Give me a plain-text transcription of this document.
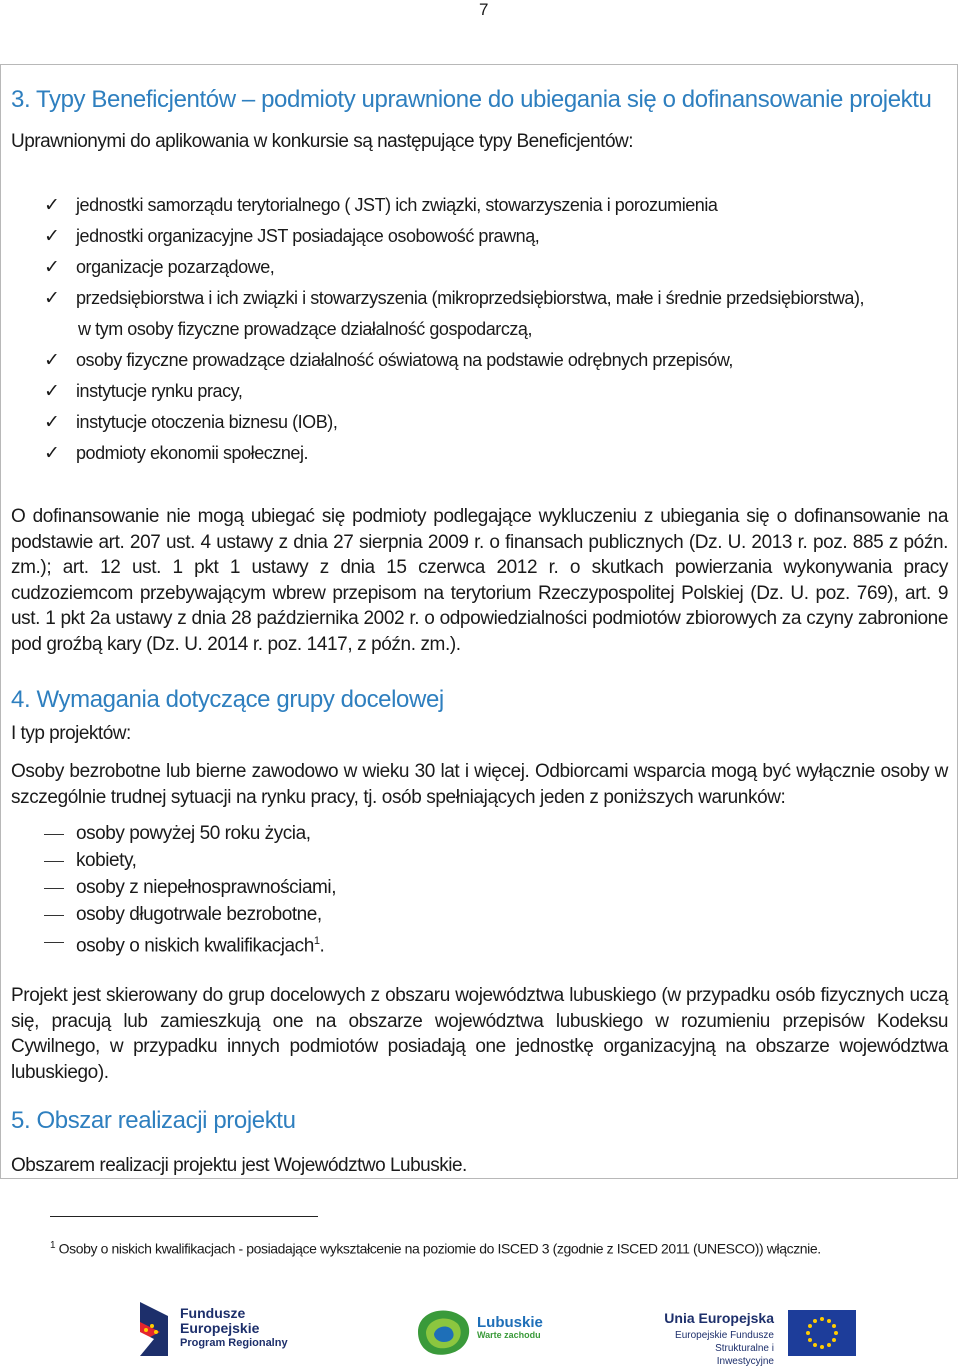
7
3. Typy Beneficjentów – podmioty uprawnione do ubiegania się o dofinansowanie projektu
Uprawnionymi do aplikowania w konkursie są następujące typy Beneficjentów:
✓ jednostki samorządu terytorialnego ( JST) ich związki, stowarzyszenia i porozumienia
✓ jednostki organizacyjne JST posiadające osobowość prawną,
✓ organizacje pozarządowe,
✓ przedsiębiorstwa i ich związki i stowarzyszenia (mikroprzedsiębiorstwa, małe i średnie przedsiębiorstwa),
w tym osoby fizyczne prowadzące działalność gospodarczą,
✓ osoby fizyczne prowadzące działalność oświatową na podstawie odrębnych przepisów,
✓ instytucje rynku pracy,
✓ instytucje otoczenia biznesu (IOB),
✓ podmioty ekonomii społecznej.

O dofinansowanie nie mogą ubiegać się podmioty podlegające wykluczeniu z ubiegania się o dofinansowanie na podstawie art. 207 ust. 4 ustawy z dnia 27 sierpnia 2009 r. o finansach publicznych (Dz. U. 2013 r. poz. 885 z późn. zm.); art. 12 ust. 1 pkt 1 ustawy z dnia 15 czerwca 2012 r. o skutkach powierzania wykonywania pracy cudzoziemcom przebywającym wbrew przepisom na terytorium Rzeczypospolitej Polskiej (Dz. U. poz. 769), art. 9 ust. 1 pkt 2a ustawy z dnia 28 października 2002 r. o odpowiedzialności podmiotów zbiorowych za czyny zabronione pod groźbą kary (Dz. U. 2014 r. poz. 1417, z późn. zm.).

4. Wymagania dotyczące grupy docelowej
I typ projektów:

Osoby bezrobotne lub bierne zawodowo w wieku 30 lat i więcej. Odbiorcami wsparcia mogą być wyłącznie osoby w szczególnie trudnej sytuacji na rynku pracy, tj. osób spełniających jeden z poniższych warunków:

osoby powyżej 50 roku życia,
kobiety,
osoby z niepełnosprawnościami,
osoby długotrwale bezrobotne,
osoby o niskich kwalifikacjach$^1$.

Projekt jest skierowany do grup docelowych z obszaru województwa lubuskiego (w przypadku osób fizycznych uczą się, pracują lub zamieszkują one na obszarze województwa lubuskiego w rozumieniu przepisów Kodeksu Cywilnego, w przypadku innych podmiotów posiadają one jednostkę organizacyjną na obszarze województwa lubuskiego).

5. Obszar realizacji projektu
Obszarem realizacji projektu jest Województwo Lubuskie.
$^1$ Osoby o niskich kwalifikacjach - posiadające wykształcenie na poziomie do ISCED 3 (zgodnie z ISCED 2011 (UNESCO)) włącznie.
Fundusze
Europejskie
Program Regionalny
Lubuskie
Warte zachodu
Unia Europejska
Europejskie Fundusze
Strukturalne i Inwestycyjne
